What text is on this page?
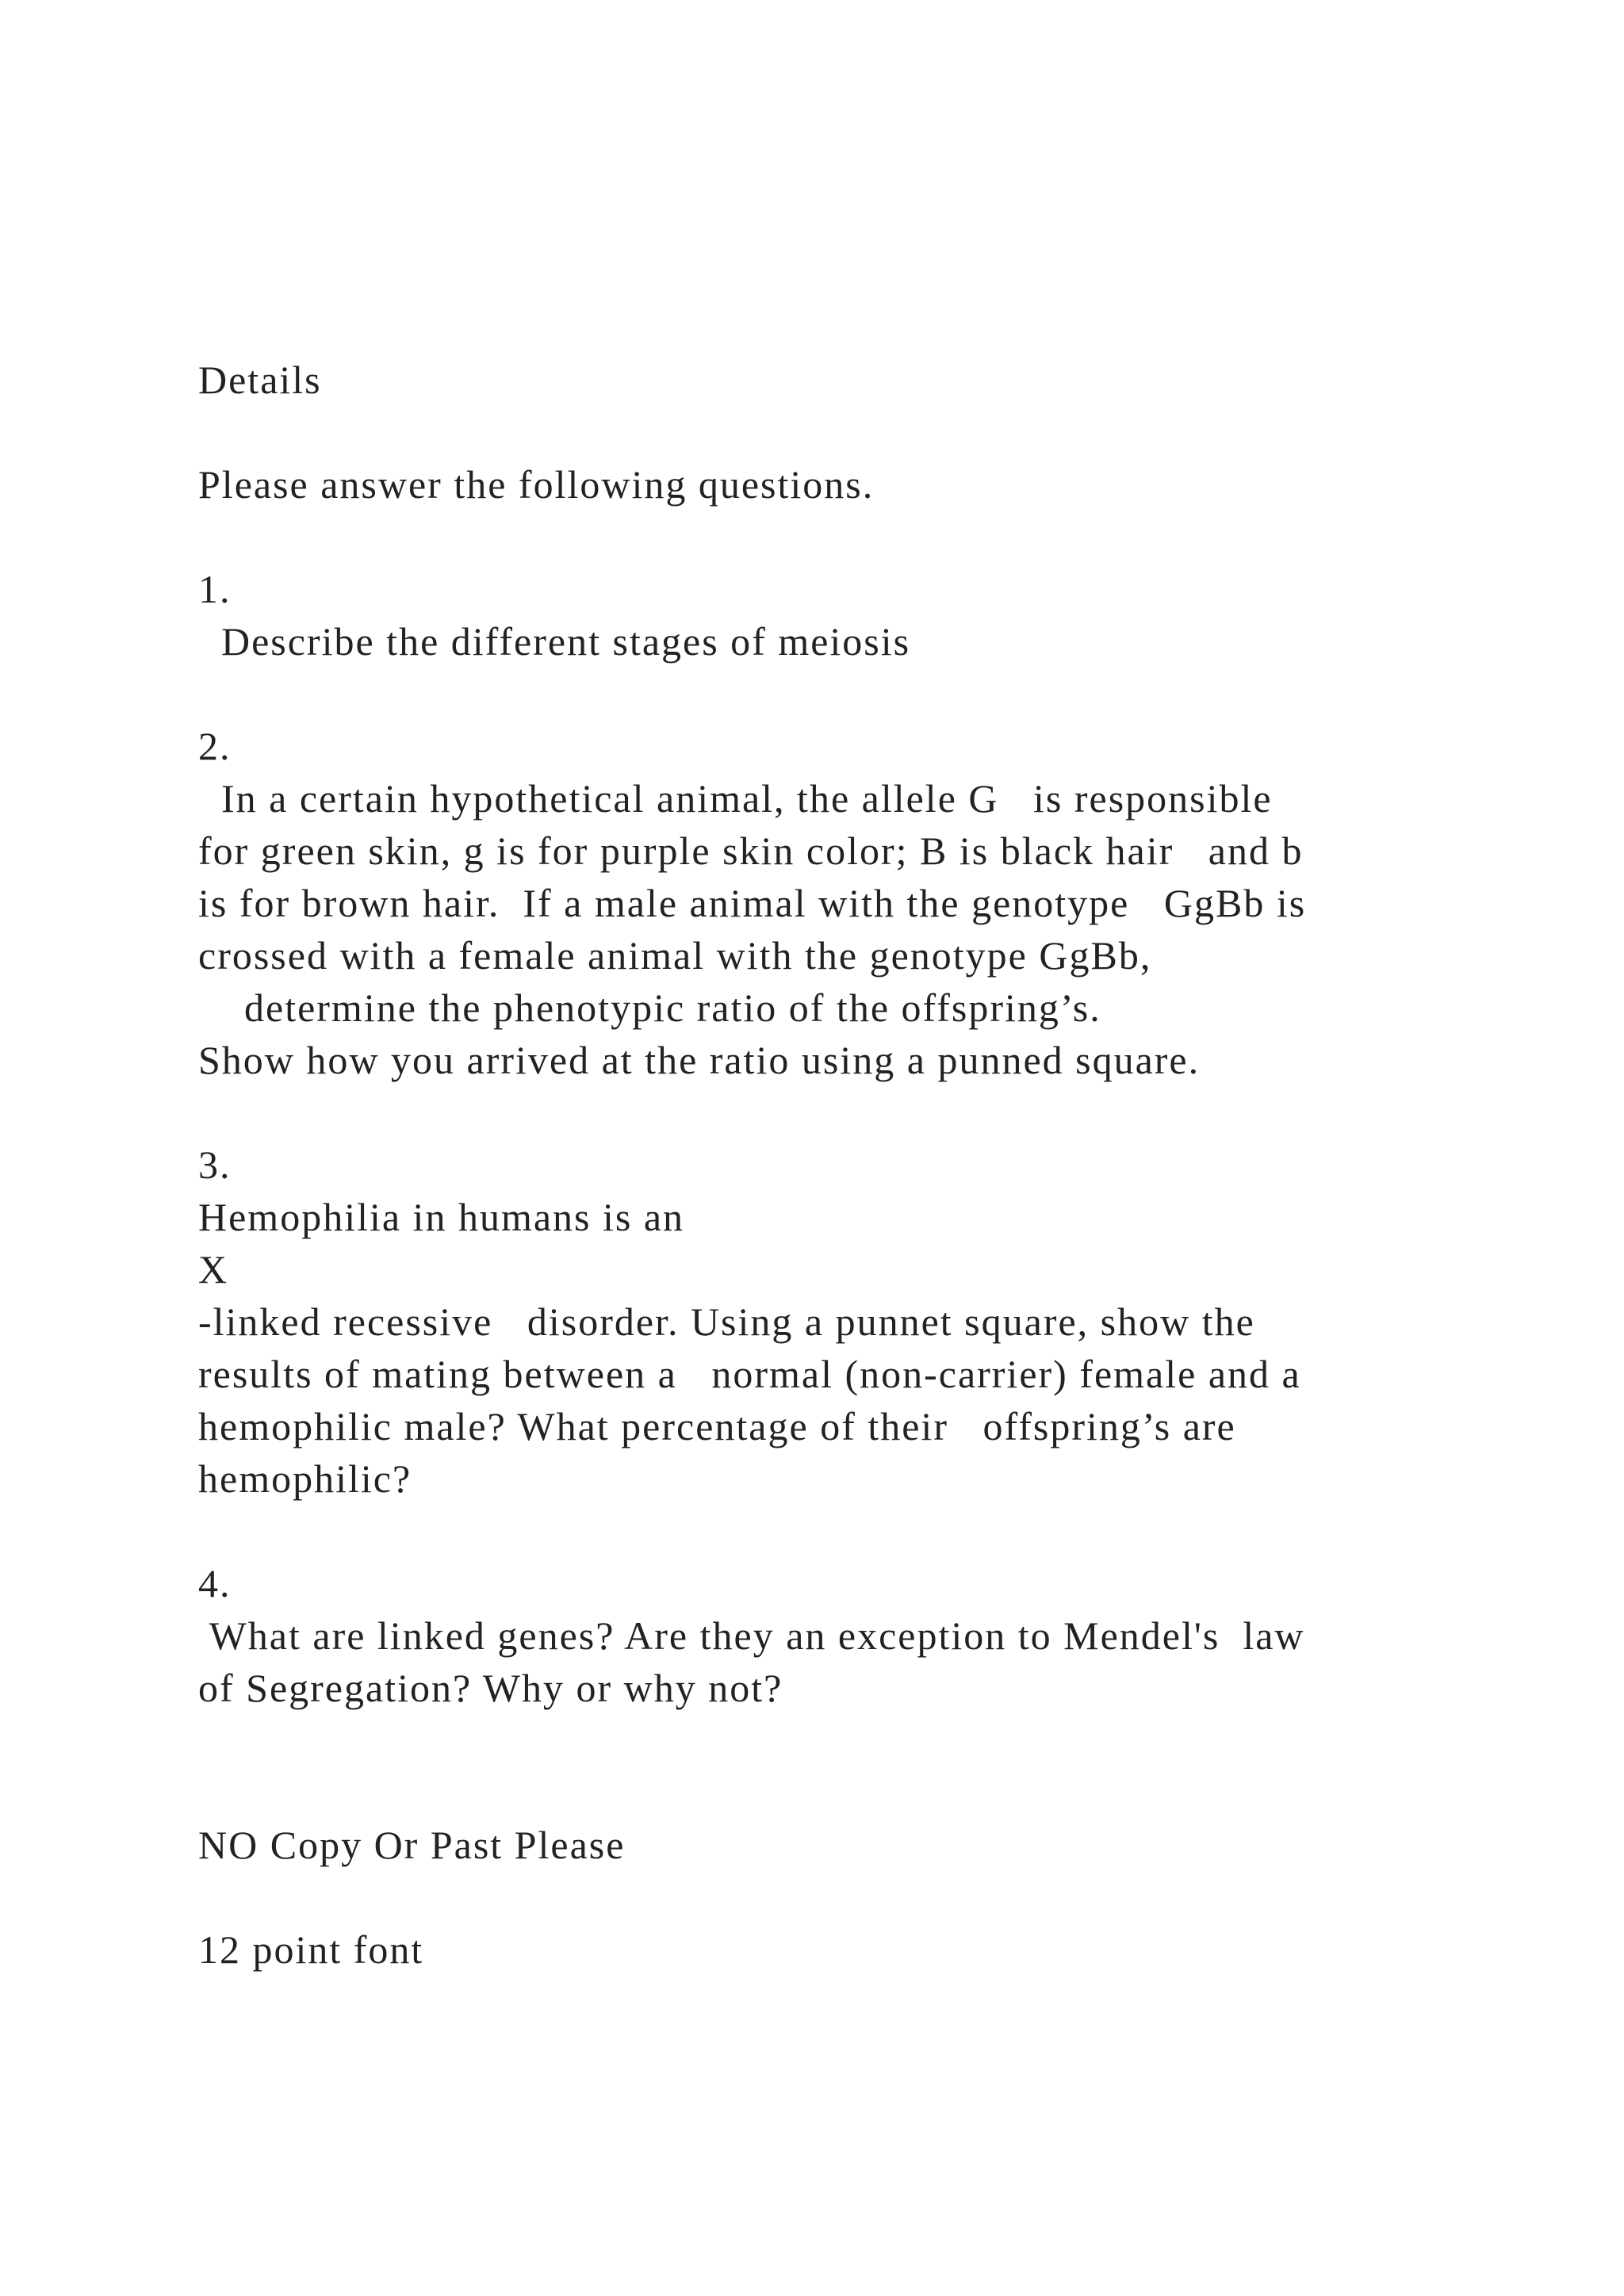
Details
Please answer the following questions.
1.
Describe the different stages of meiosis
2.
In a certain hypothetical animal, the allele G   is responsible
for green skin, g is for purple skin color; B is black hair   and b
is for brown hair.  If a male animal with the genotype   GgBb is
crossed with a female animal with the genotype GgBb,
determine the phenotypic ratio of the offspring’s.
Show how you arrived at the ratio using a punned square.
3.
Hemophilia in humans is an
X
-linked recessive   disorder. Using a punnet square, show the
results of mating between a   normal (non-carrier) female and a
hemophilic male? What percentage of their   offspring’s are
hemophilic?
4.
What are linked genes? Are they an exception to Mendel's  law
of Segregation? Why or why not?
NO Copy Or Past Please
12 point font
